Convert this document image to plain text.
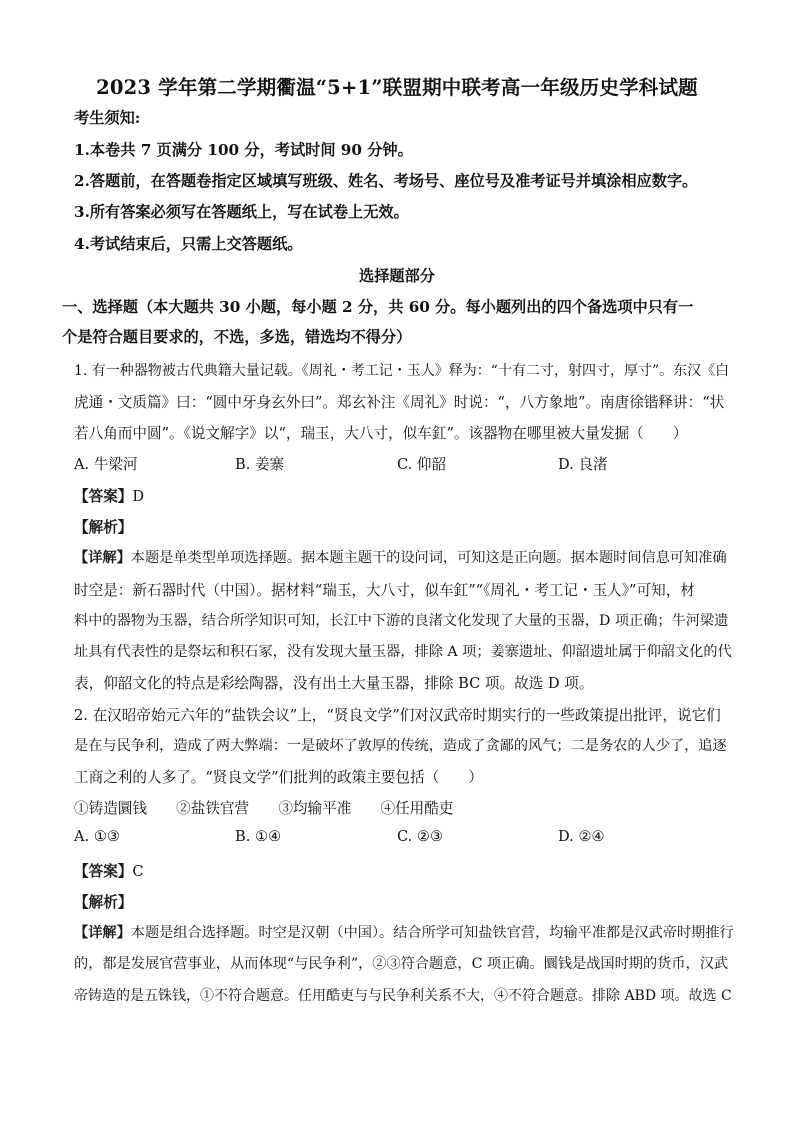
2023 学年第二学期衢温“5+1”联盟期中联考高一年级历史学科试题
考生须知:
1.本卷共 7 页满分 100 分，考试时间 90 分钟。
2.答题前，在答题卷指定区域填写班级、姓名、考场号、座位号及准考证号并填涂相应数字。
3.所有答案必须写在答题纸上，写在试卷上无效。
4.考试结束后，只需上交答题纸。
选择题部分
一、选择题（本大题共 30 小题，每小题 2 分，共 60 分。每小题列出的四个备选项中只有一
个是符合题目要求的，不选，多选，错选均不得分）
1. 有一种器物被古代典籍大量记载。《周礼・考工记・玉人》释为：“十有二寸，射四寸，厚寸”。东汉《白
虎通・文质篇》曰：“圆中牙身玄外曰”。郑玄补注《周礼》时说：“，八方象地”。南唐徐锴释讲：“状
若八角而中圆”。《说文解字》以“，瑞玉，大八寸，似车釭”。该器物在哪里被大量发掘（　　）
A. 牛梁河	B. 姜寨	C. 仰韶	D. 良渚
【答案】D
【解析】
【详解】本题是单类型单项选择题。据本题主题干的设问词，可知这是正向题。据本题时间信息可知准确
时空是：新石器时代（中国）。据材料“瑞玉，大八寸，似车釭”“《周礼・考工记・玉人》”可知，材
料中的器物为玉器，结合所学知识可知，长江中下游的良渚文化发现了大量的玉器，D 项正确；牛河梁遗
址具有代表性的是祭坛和积石冢，没有发现大量玉器，排除 A 项；姜寨遗址、仰韶遗址属于仰韶文化的代
表，仰韶文化的特点是彩绘陶器，没有出土大量玉器，排除 BC 项。故选 D 项。
2. 在汉昭帝始元六年的“盐铁会议”上，“贤良文学”们对汉武帝时期实行的一些政策提出批评，说它们
是在与民争利，造成了两大弊端：一是破坏了敦厚的传统，造成了贪鄙的风气；二是务农的人少了，追逐
工商之利的人多了。“贤良文学”们批判的政策主要包括（　　）
①铸造圜钱　　②盐铁官营　　③均输平准　　④任用酷吏
A. ①③	B. ①④	C. ②③	D. ②④
【答案】C
【解析】
【详解】本题是组合选择题。时空是汉朝（中国）。结合所学可知盐铁官营，均输平准都是汉武帝时期推行
的，都是发展官营事业，从而体现“与民争利”，②③符合题意，C 项正确。圜钱是战国时期的货币，汉武
帝铸造的是五铢钱，①不符合题意。任用酷吏与与民争利关系不大，④不符合题意。排除 ABD 项。故选 C
